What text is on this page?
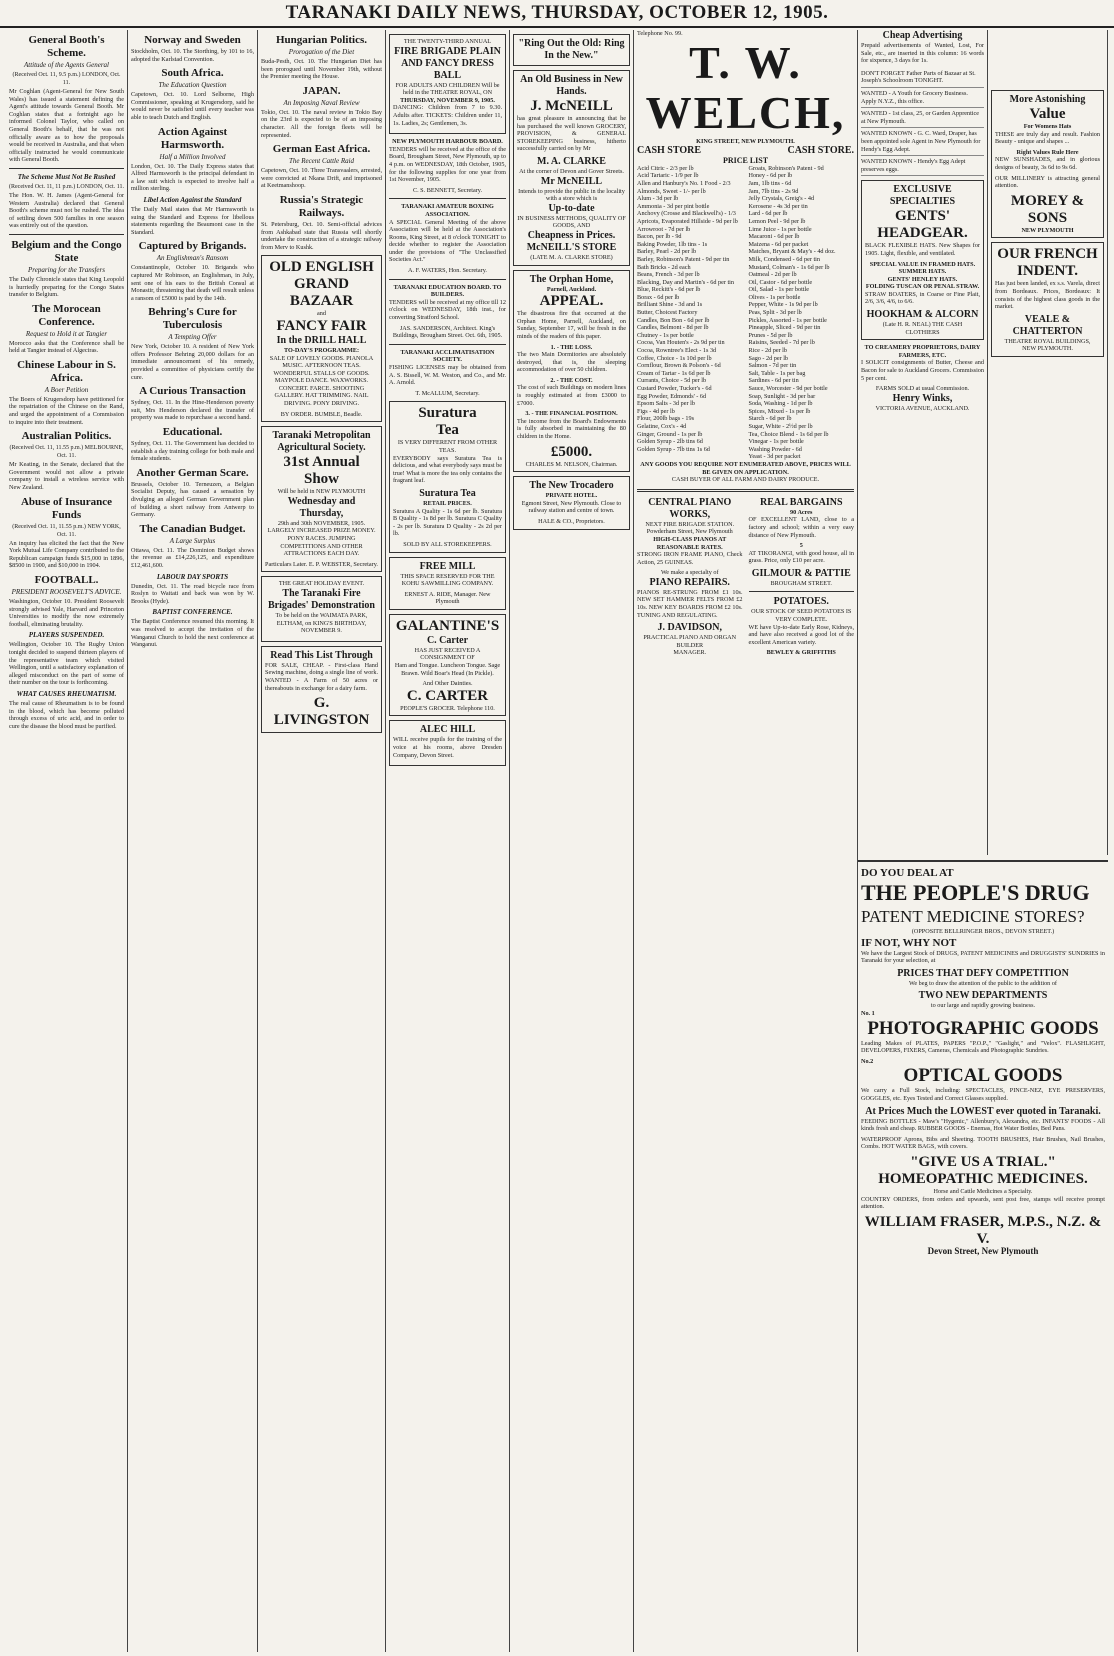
TARANAKI DAILY NEWS, THURSDAY, OCTOBER 12, 1905.
General Booth's Scheme.
Attitude of the Agents General
(Received Oct. 11, 9.5 p.m.) LONDON, Oct. 11.

Mr Coghlan (Agent-General for New South Wales) has issued a statement defining the Agent's attitude towards General Booth. Mr Coghlan states that a fortnight ago he informed Colonel Taylor, who called on General Booth's behalf, that he was not officially aware as to how the proposals would be received in Australia, and that when officially instructed he would communicate with General Booth.

The Scheme Must Not Be Rushed
(Received Oct. 11, 11 p.m.) LONDON, Oct. 11.

The Hon. W. H. James (Agent-General for Western Australia) declared that General Booth's scheme must not be rushed. The idea of settling down 500 families in one season was entirely out of the question.

Belgium and the Congo State
Preparing for the Transfers

The Daily Chronicle states that King Leopold is hurriedly preparing for the Congo States transfer to Belgium.

The Morocean Conference.
Request to Hold it at Tangier

Morocco asks that the Conference shall be held at Tangier instead of Algeciras.

Chinese Labour in S. Africa.
A Boer Petition

The Boers of Krugersdorp have petitioned for the repatriation of the Chinese on the Rand, and urged the appointment of a Commission to inquire into their treatment.

Australian Politics.
(Received Oct. 11, 11.55 p.m.) MELBOURNE, Oct. 11.

Mr Keating, in the Senate, declared that the Government would not allow a private company to install a wireless service with New Zealand.

Abuse of Insurance Funds
(Received Oct. 11, 11.55 p.m.) NEW YORK, Oct. 11.

An inquiry has elicited the fact that the New York Mutual Life Company contributed to the Republican campaign funds $15,000 in 1896, $8500 in 1900, and $10,000 in 1904.

FOOTBALL.
PRESIDENT ROOSEVELT'S ADVICE.

Washington, October 10. President Roosevelt strongly advised Yale, Harvard and Princeton Universities to modify the now extremely football, eliminating brutality.

PLAYERS SUSPENDED.

Wellington, October 10. The Rugby Union tonight decided to suspend thirteen players of the representative team which visited Wellington, until a satisfactory explanation of alleged misconduct on the part of some of their number on the tour is forthcoming.

WHAT CAUSES RHEUMATISM.

The real cause of Rheumatism is to be found in the blood, which has become polluted through excess of uric acid, and in order to cure the disease the blood must be purified.

Norway and Sweden

Stockholm, Oct. 10. The Storthing, by 101 to 16, adopted the Karlstad Convention.

South Africa.
The Education Question

Capetown, Oct. 10. Lord Selborne, High Commissioner, speaking at Krugersdorp, said he would never be satisfied until every teacher was able to teach Dutch and English.

Action Against Harmsworth.
Half a Million Involved

London, Oct. 10. The Daily Express states that Alfred Harmsworth is the principal defendant in a law suit which is expected to involve half a million sterling.

Libel Action Against the Standard

The Daily Mail states that Mr Harmsworth is suing the Standard and Express for libellous statements regarding the Beaumont case in the Standard.

Captured by Brigands.
An Englishman's Ransom

Constantinople, October 10. Brigands who captured Mr Robinson, an Englishman, in July, sent one of his ears to the British Consul at Monastir, threatening that death will result unless a ransom of £5000 is paid by the 14th.

Behring's Cure for Tuberculosis
A Tempting Offer

New York, October 10. A resident of New York offers Professor Behring 20,000 dollars for an immediate announcement of his remedy, provided a committee of physicians certify the cure.

A Curious Transaction

Sydney, Oct. 11. In the Hine-Henderson poverty suit, Mrs Henderson declared the transfer of property was made to repurchase a second hand.

Educational.

Sydney, Oct. 11. The Government has decided to establish a day training college for both male and female students.

Another German Scare.

Brussels, October 10. Terneuzen, a Belgian Socialist Deputy, has caused a sensation by divulging an alleged German Government plan of building a short railway from Antwerp to Germany.

The Canadian Budget.
A Large Surplus

Ottawa, Oct. 11. The Dominion Budget shows the revenue as £14,226,125, and expenditure £12,461,600.

LABOUR DAY SPORTS

Dunedin, Oct. 11. The road bicycle race from Roslyn to Waitati and back was won by W. Brooks (Hyde).

BAPTIST CONFERENCE.

The Baptist Conference resumed this morning. It was resolved to accept the invitation of the Wanganui Church to hold the next conference at Wanganui.

Hungarian Politics.
Prorogation of the Diet

Buda-Pesth, Oct. 10. The Hungarian Diet has been prorogued until November 19th, without the Premier meeting the House.

JAPAN.
An Imposing Naval Review

Tokio, Oct. 10. The naval review in Tokio Bay on the 23rd is expected to be of an imposing character. All the foreign fleets will be represented.

German East Africa.
The Recent Cattle Raid

Capetown, Oct. 10. Three Transvaalers, arrested, were convicted at Nkana Drift, and imprisoned at Keetmanshoop.

Russia's Strategic Railways.

St. Petersburg, Oct. 10. Semi-official advices from Ashkabad state that Russia will shortly undertake the construction of a strategic railway from Merv to Kushk.

OLD ENGLISH
GRAND BAZAAR
and
FANCY FAIR
In the DRILL HALL
TO-DAY'S PROGRAMME:

SALE OF LOVELY GOODS. PIANOLA MUSIC. AFTERNOON TEAS. WONDERFUL STALLS OF GOODS. MAYPOLE DANCE. WAXWORKS. CONCERT. FARCE. SHOOTING GALLERY. HAT TRIMMING. NAIL DRIVING. PONY DRIVING.

BY ORDER. BUMBLE, Beadle.
Taranaki Metropolitan Agricultural Society.
31st Annual Show
Will be held in NEW PLYMOUTH
Wednesday and Thursday,
29th and 30th NOVEMBER, 1905.

LARGELY INCREASED PRIZE MONEY. PONY RACES. JUMPING COMPETITIONS AND OTHER ATTRACTIONS EACH DAY.

Particulars Later. E. P. WEBSTER, Secretary.
THE GREAT HOLIDAY EVENT.
The Taranaki Fire Brigades' Demonstration

To be held on the WAIMATA PARK, ELTHAM, on KING'S BIRTHDAY, NOVEMBER 9.

Read This List Through

FOR SALE, CHEAP. - First-class Hand Sewing machine, doing a single line of work. WANTED - A Farm of 50 acres or thereabouts in exchange for a dairy farm.

G. LIVINGSTON
THE TWENTY-THIRD ANNUAL
FIRE BRIGADE PLAIN AND FANCY DRESS BALL
FOR ADULTS AND CHILDREN Will be held in the THEATRE ROYAL, ON
THURSDAY, NOVEMBER 9, 1905.

DANCING: Children from 7 to 9.30. Adults after. TICKETS: Children under 11, 1s. Ladies, 2s; Gentlemen, 3s.

NEW PLYMOUTH HARBOUR BOARD.

TENDERS will be received at the office of the Board, Brougham Street, New Plymouth, up to 4 p.m. on WEDNESDAY, 18th October, 1905, for the following supplies for one year from 1st November, 1905.

C. S. BENNETT, Secretary.
TARANAKI AMATEUR BOXING ASSOCIATION.

A SPECIAL General Meeting of the above Association will be held at the Association's Rooms, King Street, at 8 o'clock TONIGHT to decide whether to register the Association under the provisions of "The Unclassified Societies Act."

A. F. WATERS, Hon. Secretary.
TARANAKI EDUCATION BOARD. TO BUILDERS.

TENDERS will be received at my office till 12 o'clock on WEDNESDAY, 18th inst., for converting Stratford School.

JAS. SANDERSON, Architect. King's Buildings, Brougham Street. Oct. 6th, 1905.
TARANAKI ACCLIMATISATION SOCIETY.

FISHING LICENSES may be obtained from A. S. Bissell, W. M. Weston, and Co., and Mr. A. Arnold.

T. McALLUM, Secretary.
Suratura
Tea
IS VERY DIFFERENT FROM OTHER TEAS.

EVERYBODY says Suratura Tea is delicious, and what everybody says must be true! What is more the tea only contains the fragrant leaf.

Suratura Tea
RETAIL PRICES.

Suratura A Quality - 1s 6d per lb. Suratura B Quality - 1s 8d per lb. Suratura C Quality - 2s per lb. Suratura D Quality - 2s 2d per lb.

SOLD BY ALL STOREKEEPERS.
FREE MILL

THIS SPACE RESERVED FOR THE KOHU SAWMILLING COMPANY.

ERNEST A. RIDE, Manager. New Plymouth
GALANTINE'S
C. Carter
HAS JUST RECEIVED A CONSIGNMENT OF

Ham and Tongue. Luncheon Tongue. Sage Brawn. Wild Boar's Head (In Pickle).

And Other Dainties.
C. CARTER
PEOPLE'S GROCER. Telephone 110.
ALEC HILL

WILL receive pupils for the training of the voice at his rooms, above Dresden Company, Devon Street.

"Ring Out the Old: Ring In the New."
An Old Business in New Hands.
J. McNEILL

has great pleasure in announcing that he has purchased the well known GROCERY, PROVISION, & GENERAL STOREKEEPING business, hitherto successfully carried on by Mr

M. A. CLARKE
At the corner of Devon and Gover Streets.
Mr McNEILL
Intends to provide the public in the locality with a store which is
Up-to-date
IN BUSINESS METHODS, QUALITY OF GOODS, AND
Cheapness in Prices.
McNEILL'S STORE
(LATE M. A. CLARKE STORE)
The Orphan Home,
Parnell, Auckland.
APPEAL.

The disastrous fire that occurred at the Orphan Home, Parnell, Auckland, on Sunday, September 17, will be fresh in the minds of the readers of this paper.

1. - THE LOSS.

The two Main Dormitories are absolutely destroyed, that is, the sleeping accommodation of over 50 children.

2. - THE COST.

The cost of such Buildings on modern lines is roughly estimated at from £3000 to £7000.

3. - THE FINANCIAL POSITION.

The income from the Board's Endowments is fully absorbed in maintaining the 80 children in the Home.

£5000.
CHARLES M. NELSON, Chairman.
The New Trocadero
PRIVATE HOTEL.

Egmont Street, New Plymouth. Close to railway station and centre of town.

HALE & CO., Proprietors.
Telephone No. 99.
T. W. WELCH,
KING STREET, NEW PLYMOUTH.
CASH STORE	CASH STORE.
PRICE LIST
Acid Citric - 2/3 per lb
Acid Tartaric - 1/9 per lb
Allen and Hanbury's No. 1 Food - 2/3
Almonds, Sweet - 1/- per lb
Alum - 3d per lb
Ammonia - 3d per pint bottle
Anchovy (Crosse and Blackwell's) - 1/3
Apricots, Evaporated Hillside - 9d per lb
Arrowroot - 7d per lb
Bacon, per lb - 9d
Baking Powder, 1lb tins - 1s
Barley, Pearl - 2d per lb
Barley, Robinson's Patent - 9d per tin
Bath Bricks - 2d each
Beans, French - 3d per lb
Blacking, Day and Martin's - 6d per tin
Blue, Reckitt's - 6d per lb
Borax - 6d per lb
Brilliant Shine - 3d and 1s
Butter, Choicest Factory
Candles, Bon Bon - 6d per lb
Candles, Belmont - 8d per lb
Chutney - 1s per bottle
Cocoa, Van Houten's - 2s 9d per tin
Cocoa, Rowntree's Elect - 1s 3d
Coffee, Choice - 1s 10d per lb
Cornflour, Brown & Polson's - 6d
Cream of Tartar - 1s 6d per lb
Currants, Choice - 5d per lb
Custard Powder, Tucker's - 6d
Egg Powder, Edmonds' - 6d
Epsom Salts - 3d per lb
Figs - 4d per lb
Flour, 200lb bags - 19s
Gelatine, Cox's - 4d
Ginger, Ground - 1s per lb
Golden Syrup - 2lb tins 6d
Golden Syrup - 7lb tins 1s 6d
Groats, Robinson's Patent - 9d
Honey - 6d per lb
Jam, 1lb tins - 6d
Jam, 7lb tins - 2s 9d
Jelly Crystals, Greig's - 4d
Kerosene - 4s 3d per tin
Lard - 6d per lb
Lemon Peel - 9d per lb
Lime Juice - 1s per bottle
Macaroni - 6d per lb
Maizena - 6d per packet
Matches, Bryant & May's - 4d doz.
Milk, Condensed - 6d per tin
Mustard, Colman's - 1s 6d per lb
Oatmeal - 2d per lb
Oil, Castor - 6d per bottle
Oil, Salad - 1s per bottle
Olives - 1s per bottle
Pepper, White - 1s 9d per lb
Peas, Split - 3d per lb
Pickles, Assorted - 1s per bottle
Pineapple, Sliced - 9d per tin
Prunes - 5d per lb
Raisins, Seeded - 7d per lb
Rice - 2d per lb
Sago - 2d per lb
Salmon - 7d per tin
Salt, Table - 1s per bag
Sardines - 6d per tin
Sauce, Worcester - 9d per bottle
Soap, Sunlight - 3d per bar
Soda, Washing - 1d per lb
Spices, Mixed - 1s per lb
Starch - 6d per lb
Sugar, White - 2½d per lb
Tea, Choice Blend - 1s 6d per lb
Vinegar - 1s per bottle
Washing Powder - 6d
Yeast - 3d per packet
ANY GOODS YOU REQUIRE NOT ENUMERATED ABOVE, PRICES WILL BE GIVEN ON APPLICATION.
CASH BUYER OF ALL FARM AND DAIRY PRODUCE.
CENTRAL PIANO WORKS,
NEXT FIRE BRIGADE STATION.
Powderham Street, New Plymouth
HIGH-CLASS PIANOS AT REASONABLE RATES.

STRONG IRON FRAME PIANO, Check Action, 25 GUINEAS.

We make a specialty of
PIANO REPAIRS.

PIANOS RE-STRUNG FROM £1 10s. NEW SET HAMMER FELTS FROM £2 10s. NEW KEY BOARDS FROM £2 10s. TUNING AND REGULATING.

J. DAVIDSON,
PRACTICAL PIANO AND ORGAN BUILDER
MANAGER.
REAL BARGAINS
90 Acres

OF EXCELLENT LAND, close to a factory and school; within a very easy distance of New Plymouth.

5

AT TIKORANGI, with good house, all in grass. Price, only £10 per acre.

GILMOUR & PATTIE
BROUGHAM STREET.
POTATOES.
OUR STOCK OF SEED POTATOES IS VERY COMPLETE.

WE have Up-to-date Early Rose, Kidneys, and have also received a good lot of the excellent American variety.

BEWLEY & GRIFFITHS
Cheap Advertising

Prepaid advertisements of Wanted, Lost, For Sale, etc., are inserted in this column: 16 words for sixpence, 3 days for 1s.

DON'T FORGET Father Parts of Bazaar at St. Joseph's Schoolroom TONIGHT.
WANTED - A Youth for Grocery Business. Apply N.Y.Z., this office.
WANTED - 1st class, 25, or Garden Apprentice at New Plymouth.
WANTED KNOWN - G. C. Ward, Draper, has been appointed sole Agent in New Plymouth for Hendy's Egg Adept.
WANTED KNOWN - Hendy's Egg Adept preserves eggs.
EXCLUSIVE SPECIALTIES
GENTS' HEADGEAR.

BLACK FLEXIBLE HATS. New Shapes for 1905. Light, flexible, and ventilated.

SPECIAL VALUE IN FRAMED HATS.
SUMMER HATS.
GENTS' HENLEY HATS.
FOLDING TUSCAN OR PENAL STRAW.

STRAW BOATERS, in Coarse or Fine Plait, 2/6, 3/6, 4/6, to 6/6.

HOOKHAM & ALCORN
(Late H. R. NEAL) THE CASH CLOTHIERS
TO CREAMERY PROPRIETORS, DAIRY FARMERS, ETC.

I SOLICIT consignments of Butter, Cheese and Bacon for sale to Auckland Grocers. Commission 5 per cent.

FARMS SOLD at usual Commission.
Henry Winks,
VICTORIA AVENUE, AUCKLAND.
More Astonishing
Value
For Womens Hats

THESE are truly day and result. Fashion Beauty - unique and shapes ...

Right Values Rule Here

NEW SUNSHADES, and in glorious designs of beauty, 3s 6d to 9s 6d.

OUR MILLINERY is attracting general attention.

MOREY & SONS
NEW PLYMOUTH
OUR FRENCH INDENT.

Has just been landed, ex s.s. Varela, direct from Bordeaux. Prices, Bordeaux: It consists of the highest class goods in the market.

VEALE & CHATTERTON
THEATRE ROYAL BUILDINGS,
NEW PLYMOUTH.
DO YOU DEAL AT
THE PEOPLE'S DRUG
PATENT MEDICINE STORES?
(OPPOSITE BELLRINGER BROS., DEVON STREET.)
IF NOT, WHY NOT

We have the Largest Stock of DRUGS, PATENT MEDICINES and DRUGGISTS' SUNDRIES in Taranaki for your selection, at

PRICES THAT DEFY COMPETITION

We beg to draw the attention of the public to the addition of

TWO NEW DEPARTMENTS
to our large and rapidly growing business.
No. 1
PHOTOGRAPHIC GOODS

Leading Makes of PLATES, PAPERS "P.O.P.," "Gaslight," and "Velox". FLASHLIGHT, DEVELOPERS, FIXERS, Cameras, Chemicals and Photographic Sundries.

No.2
OPTICAL GOODS

We carry a Full Stock, including: SPECTACLES, PINCE-NEZ, EYE PRESERVERS, GOGGLES, etc. Eyes Tested and Correct Glasses supplied.

At Prices Much the LOWEST ever quoted in Taranaki.

FEEDING BOTTLES - Maw's "Hygenic," Allenbury's, Alexandra, etc. INFANTS' FOODS - All kinds fresh and cheap. RUBBER GOODS - Enemas, Hot Water Bottles, Bed Pans.

WATERPROOF Aprons, Bibs and Sheeting. TOOTH BRUSHES, Hair Brushes, Nail Brushes, Combs. HOT WATER BAGS, with covers.

"GIVE US A TRIAL."
HOMEOPATHIC MEDICINES.
Horse and Cattle Medicines a Specialty.

COUNTRY ORDERS, from orders and upwards, sent post free, stamps will receive prompt attention.

WILLIAM FRASER, M.P.S., N.Z. & V.
Devon Street, New Plymouth
